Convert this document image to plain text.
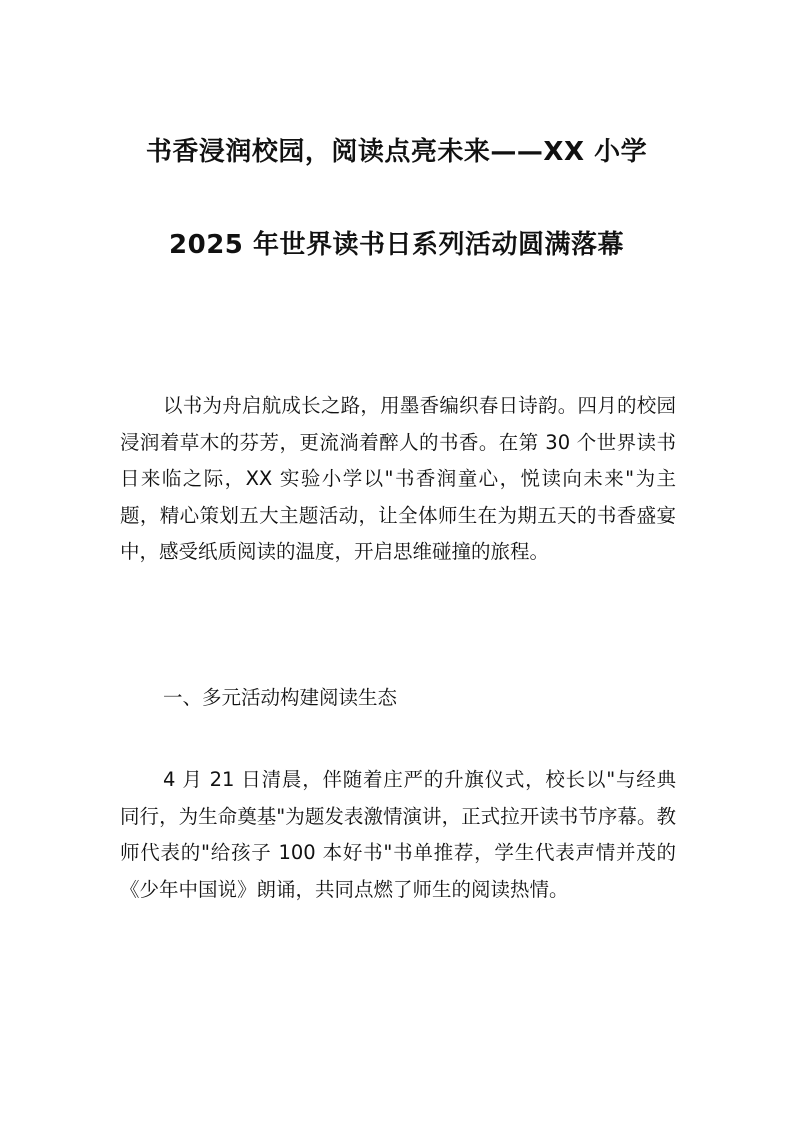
书香浸润校园，阅读点亮未来——XX 小学
2025 年世界读书日系列活动圆满落幕

以书为舟启航成长之路，用墨香编织春日诗韵。四月的校园浸润着草木的芬芳，更流淌着醉人的书香。在第 30 个世界读书日来临之际，XX 实验小学以"书香润童心，悦读向未来"为主题，精心策划五大主题活动，让全体师生在为期五天的书香盛宴中，感受纸质阅读的温度，开启思维碰撞的旅程。

一、多元活动构建阅读生态

4 月 21 日清晨，伴随着庄严的升旗仪式，校长以"与经典同行，为生命奠基"为题发表激情演讲，正式拉开读书节序幕。教师代表的"给孩子 100 本好书"书单推荐，学生代表声情并茂的《少年中国说》朗诵，共同点燃了师生的阅读热情。
